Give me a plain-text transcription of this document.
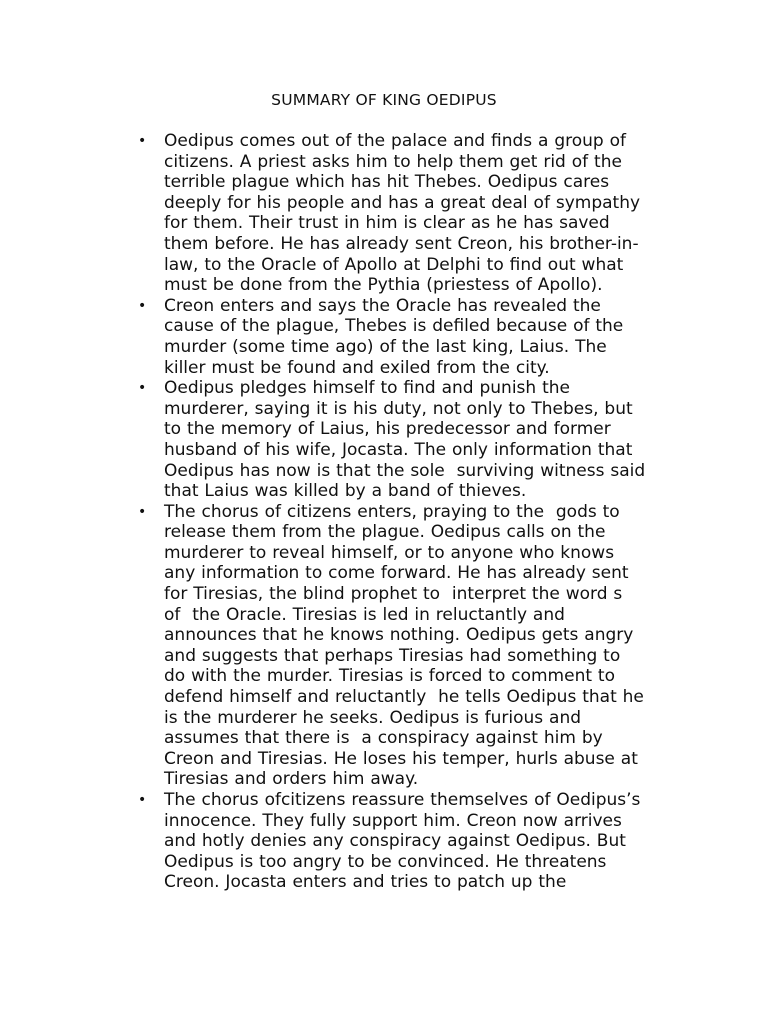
SUMMARY OF KING OEDIPUS
•	Oedipus comes out of the palace and finds a group of
citizens. A priest asks him to help them get rid of the
terrible plague which has hit Thebes. Oedipus cares
deeply for his people and has a great deal of sympathy
for them. Their trust in him is clear as he has saved
them before. He has already sent Creon, his brother-in-
law, to the Oracle of Apollo at Delphi to find out what
must be done from the Pythia (priestess of Apollo).
•	Creon enters and says the Oracle has revealed the
cause of the plague, Thebes is defiled because of the
murder (some time ago) of the last king, Laius. The
killer must be found and exiled from the city.
•	Oedipus pledges himself to find and punish the
murderer, saying it is his duty, not only to Thebes, but
to the memory of Laius, his predecessor and former
husband of his wife, Jocasta. The only information that
Oedipus has now is that the sole  surviving witness said
that Laius was killed by a band of thieves.
•	The chorus of citizens enters, praying to the  gods to
release them from the plague. Oedipus calls on the
murderer to reveal himself, or to anyone who knows
any information to come forward. He has already sent
for Tiresias, the blind prophet to  interpret the word s
of  the Oracle. Tiresias is led in reluctantly and
announces that he knows nothing. Oedipus gets angry
and suggests that perhaps Tiresias had something to
do with the murder. Tiresias is forced to comment to
defend himself and reluctantly  he tells Oedipus that he
is the murderer he seeks. Oedipus is furious and
assumes that there is  a conspiracy against him by
Creon and Tiresias. He loses his temper, hurls abuse at
Tiresias and orders him away.
•	The chorus ofcitizens reassure themselves of Oedipus’s
innocence. They fully support him. Creon now arrives
and hotly denies any conspiracy against Oedipus. But
Oedipus is too angry to be convinced. He threatens
Creon. Jocasta enters and tries to patch up the
